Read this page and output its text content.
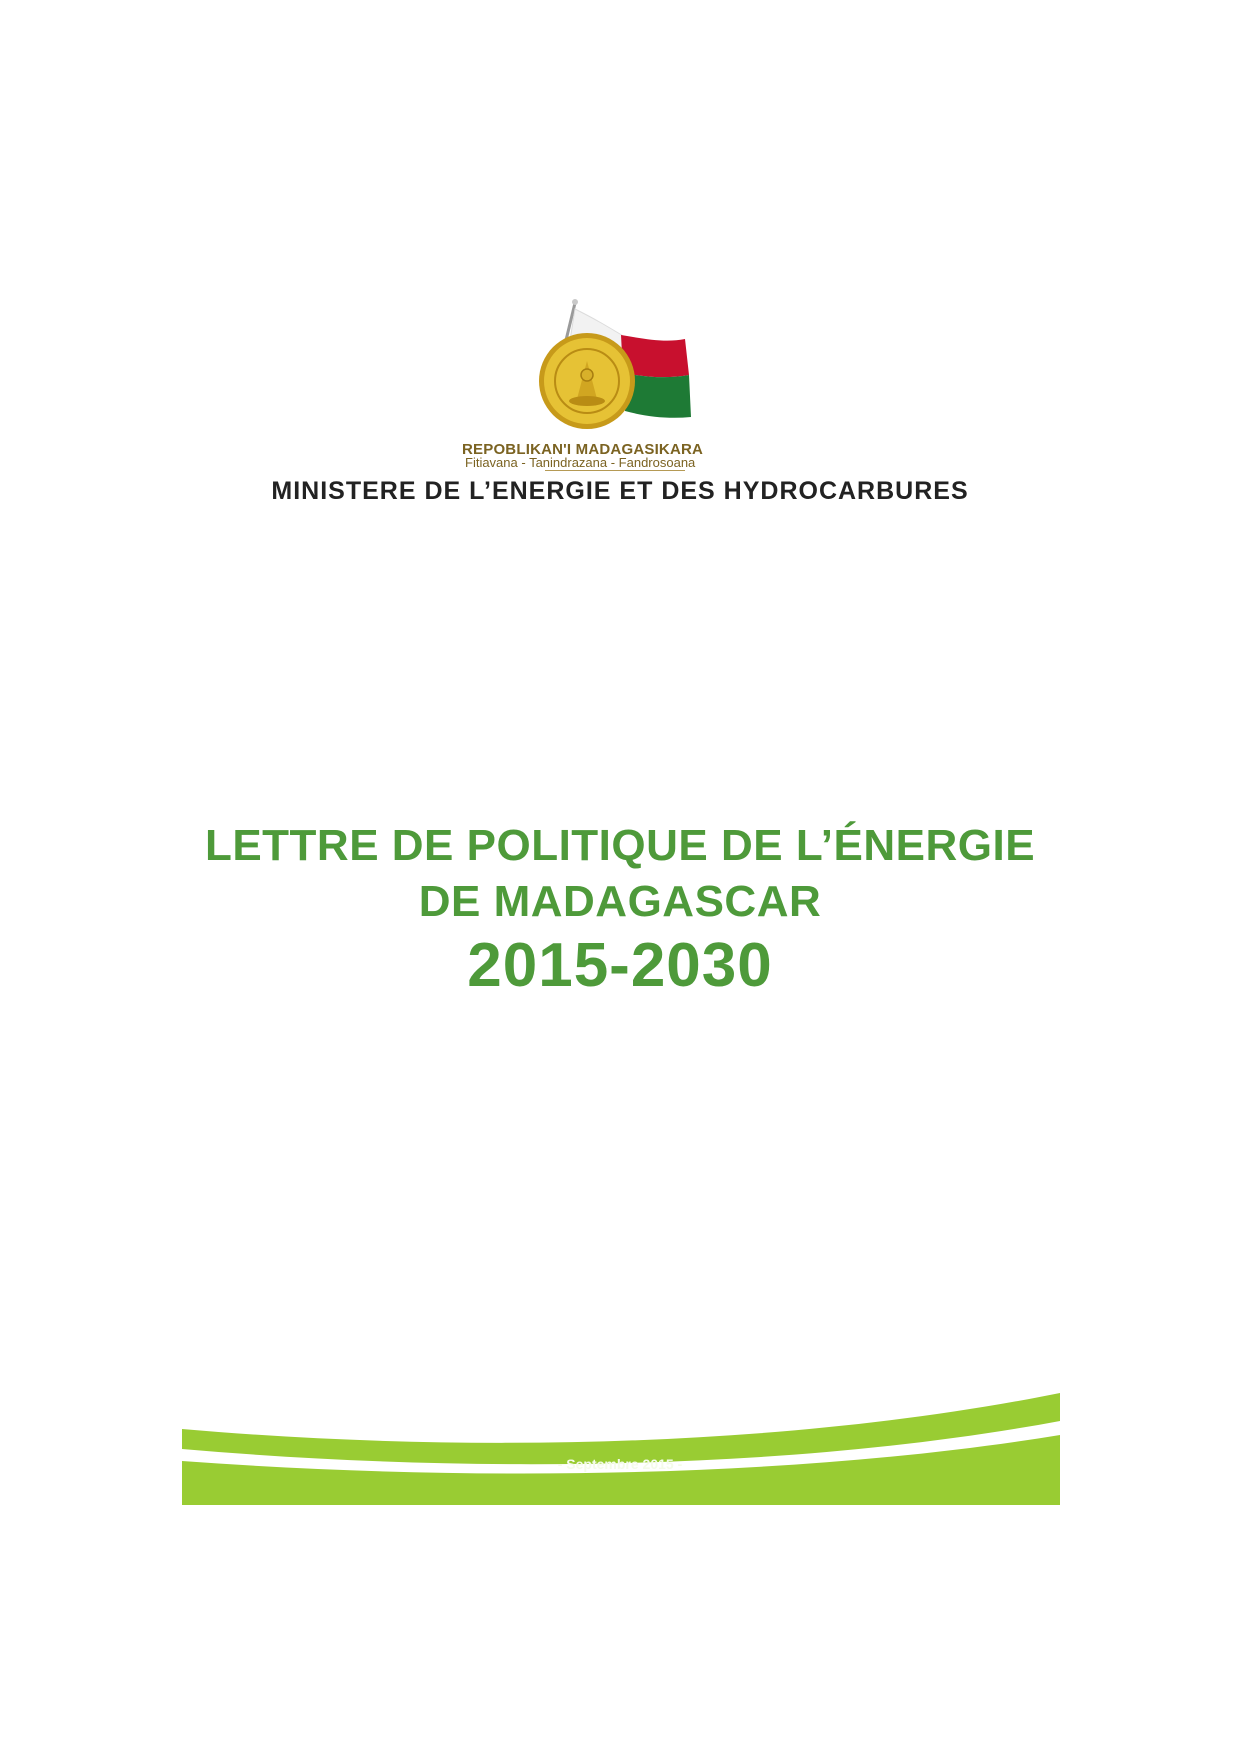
REPOBLIKAN'I MADAGASIKARA
Fitiavana - Tanindrazana - Fandrosoana
MINISTERE DE L’ENERGIE ET DES HYDROCARBURES
LETTRE DE POLITIQUE DE L’ÉNERGIE
DE MADAGASCAR
2015-2030
- Septembre 2015 -
